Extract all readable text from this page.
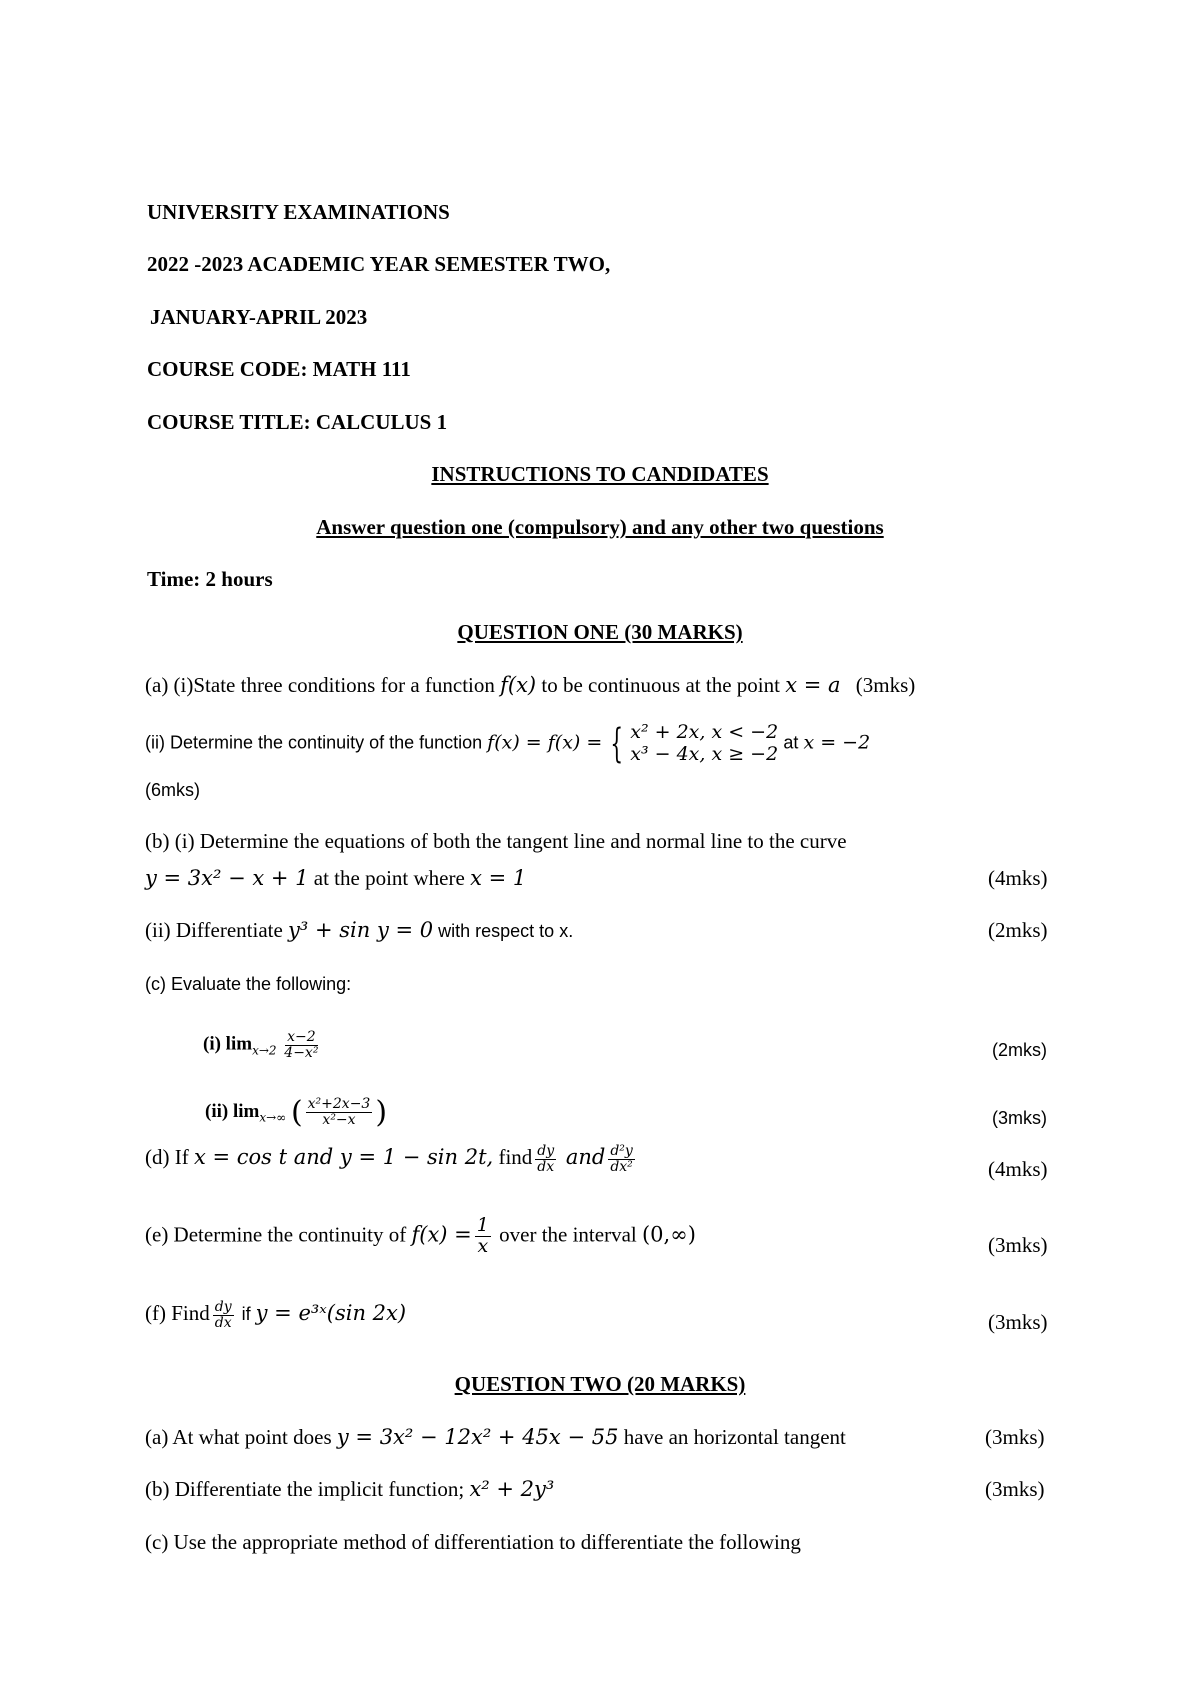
UNIVERSITY EXAMINATIONS
2022 -2023 ACADEMIC YEAR SEMESTER TWO,
JANUARY-APRIL 2023
COURSE CODE: MATH 111
COURSE TITLE: CALCULUS 1
INSTRUCTIONS TO CANDIDATES
Answer question one (compulsory) and any other two questions
Time: 2 hours
QUESTION ONE (30 MARKS)
(a) (i)State three conditions for a function f(x) to be continuous at the point x = a (3mks)
(ii) Determine the continuity of the function f(x) = f(x) = { x² + 2x, x < −2
x³ − 4x, x ≥ −2
at x = −2
(6mks)
(b) (i) Determine the equations of both the tangent line and normal line to the curve
y = 3x² − x + 1 at the point where x = 1	(4mks)
(ii) Differentiate y³ + sin y = 0 with respect to x.	(2mks)
(c) Evaluate the following:
(i) $\lim_{x\to 2} \frac{x-2}{\text{4−x²}}$	(2mks)
(ii) $\lim_{x\to\infty}$ ( $\frac{\text{x²+2x−3}}{\text{x²−x}}$ )	(3mks)
(d) If x = cos t and y = 1 − sin 2t, find $\frac{dy}{dx}$ and $\frac{\text{d²y}}{\text{dx²}}$	(4mks)
(e) Determine the continuity of $f(x) = \frac{1}{x}$ over the interval (0,∞)	(3mks)
(f) Find $\frac{dy}{dx}$ if y = e³ˣ(sin 2x)	(3mks)
QUESTION TWO (20 MARKS)
(a) At what point does y = 3x² − 12x² + 45x − 55 have an horizontal tangent	(3mks)
(b) Differentiate the implicit function; x² + 2y³	(3mks)
(c) Use the appropriate method of differentiation to differentiate the following
